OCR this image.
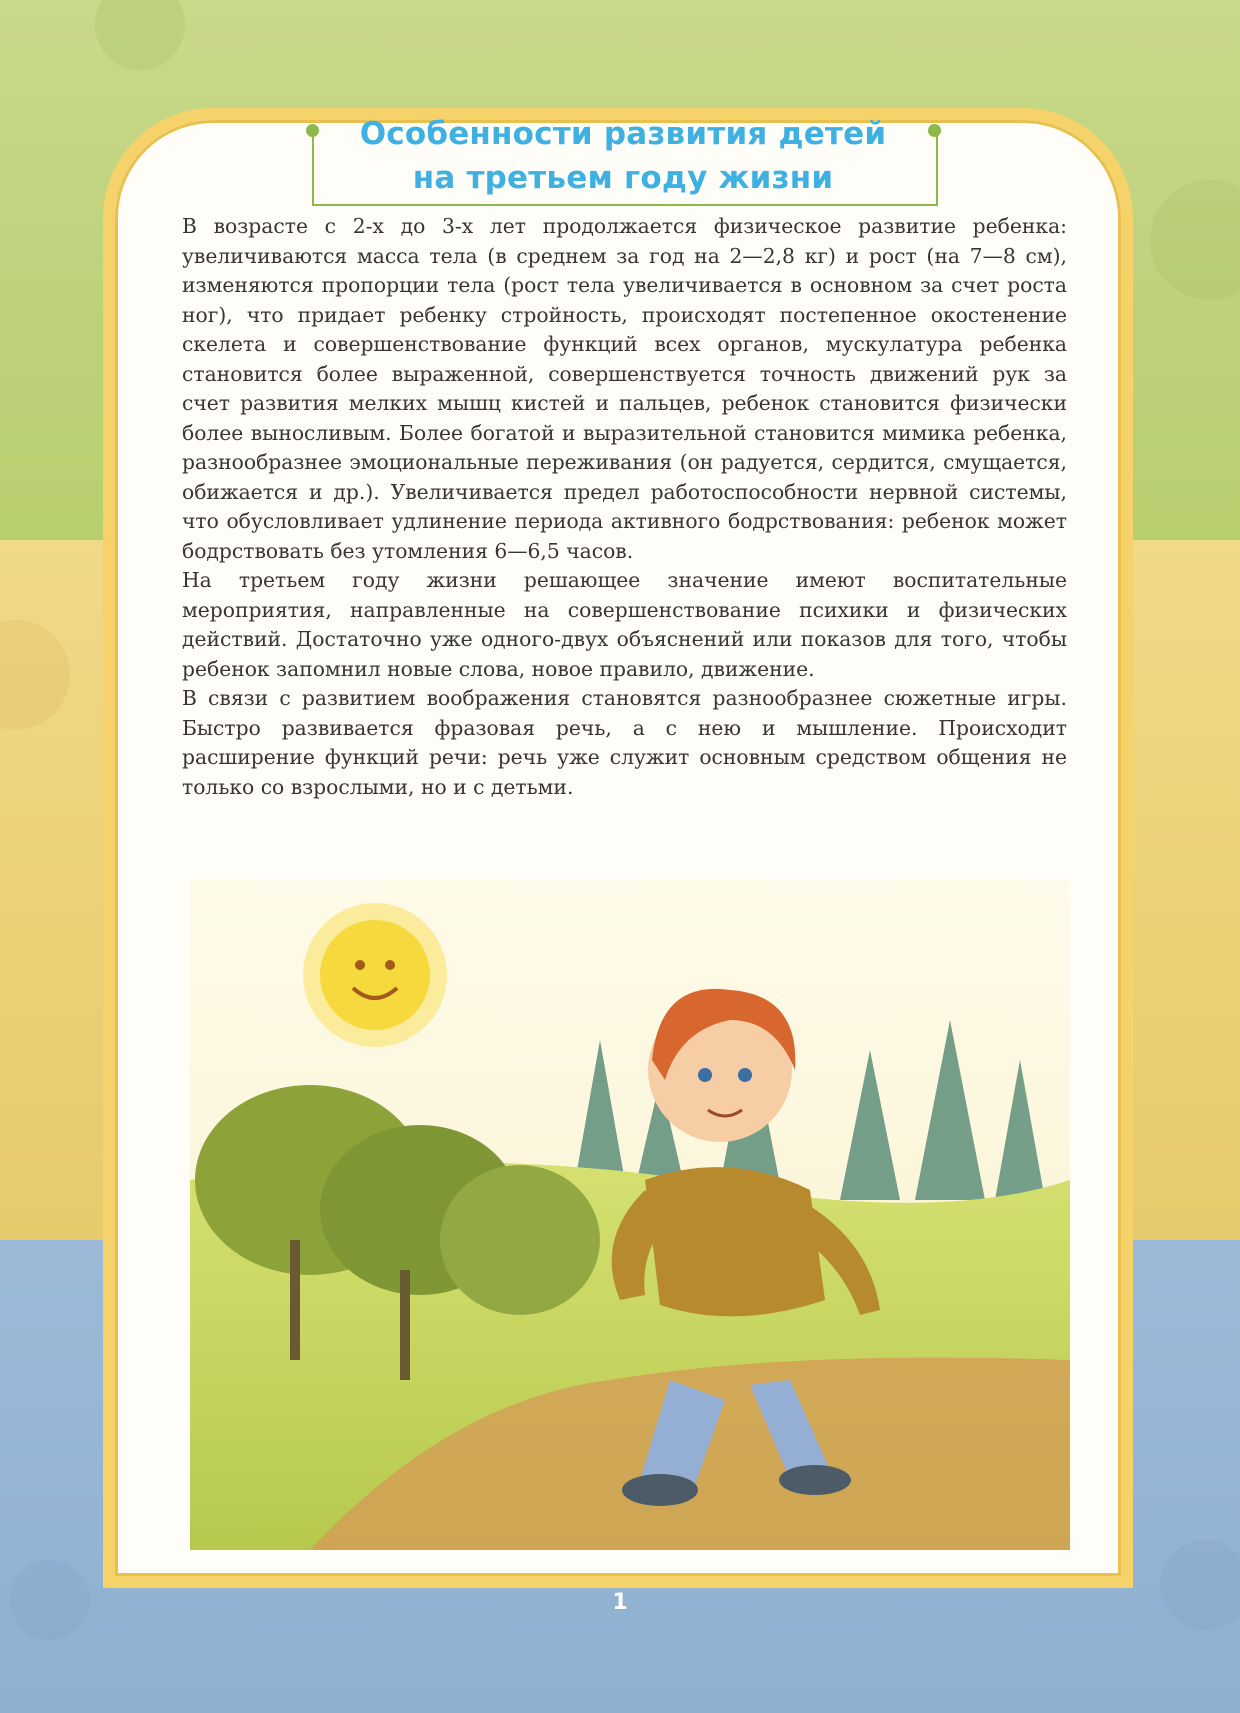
Особенности развития детей
на третьем году жизни

В возрасте с 2-х до 3-х лет продолжается физическое развитие ребенка: увеличиваются масса тела (в среднем за год на 2—2,8 кг) и рост (на 7—8 см), изменяются пропорции тела (рост тела увеличивается в основном за счет роста ног), что придает ребенку стройность, происходят постепенное окостенение скелета и совершенствование функций всех органов, мускулатура ребенка становится более выраженной, совершенствуется точность движений рук за счет развития мелких мышц кистей и пальцев, ребенок становится физически более выносливым. Более богатой и выразительной становится мимика ребенка, разнообразнее эмоциональные переживания (он радуется, сердится, смущается, обижается и др.). Увеличивается предел работоспособности нервной системы, что обусловливает удлинение периода активного бодрствования: ребенок может бодрствовать без утомления 6—6,5 часов.

На третьем году жизни решающее значение имеют воспитательные мероприятия, направленные на совершенствование психики и физических действий. Достаточно уже одного-двух объяснений или показов для того, чтобы ребенок запомнил новые слова, новое правило, движение.

В связи с развитием воображения становятся разнообразнее сюжетные игры. Быстро развивается фразовая речь, а с нею и мышление. Происходит расширение функций речи: речь уже служит основным средством общения не только со взрослыми, но и с детьми.

1
